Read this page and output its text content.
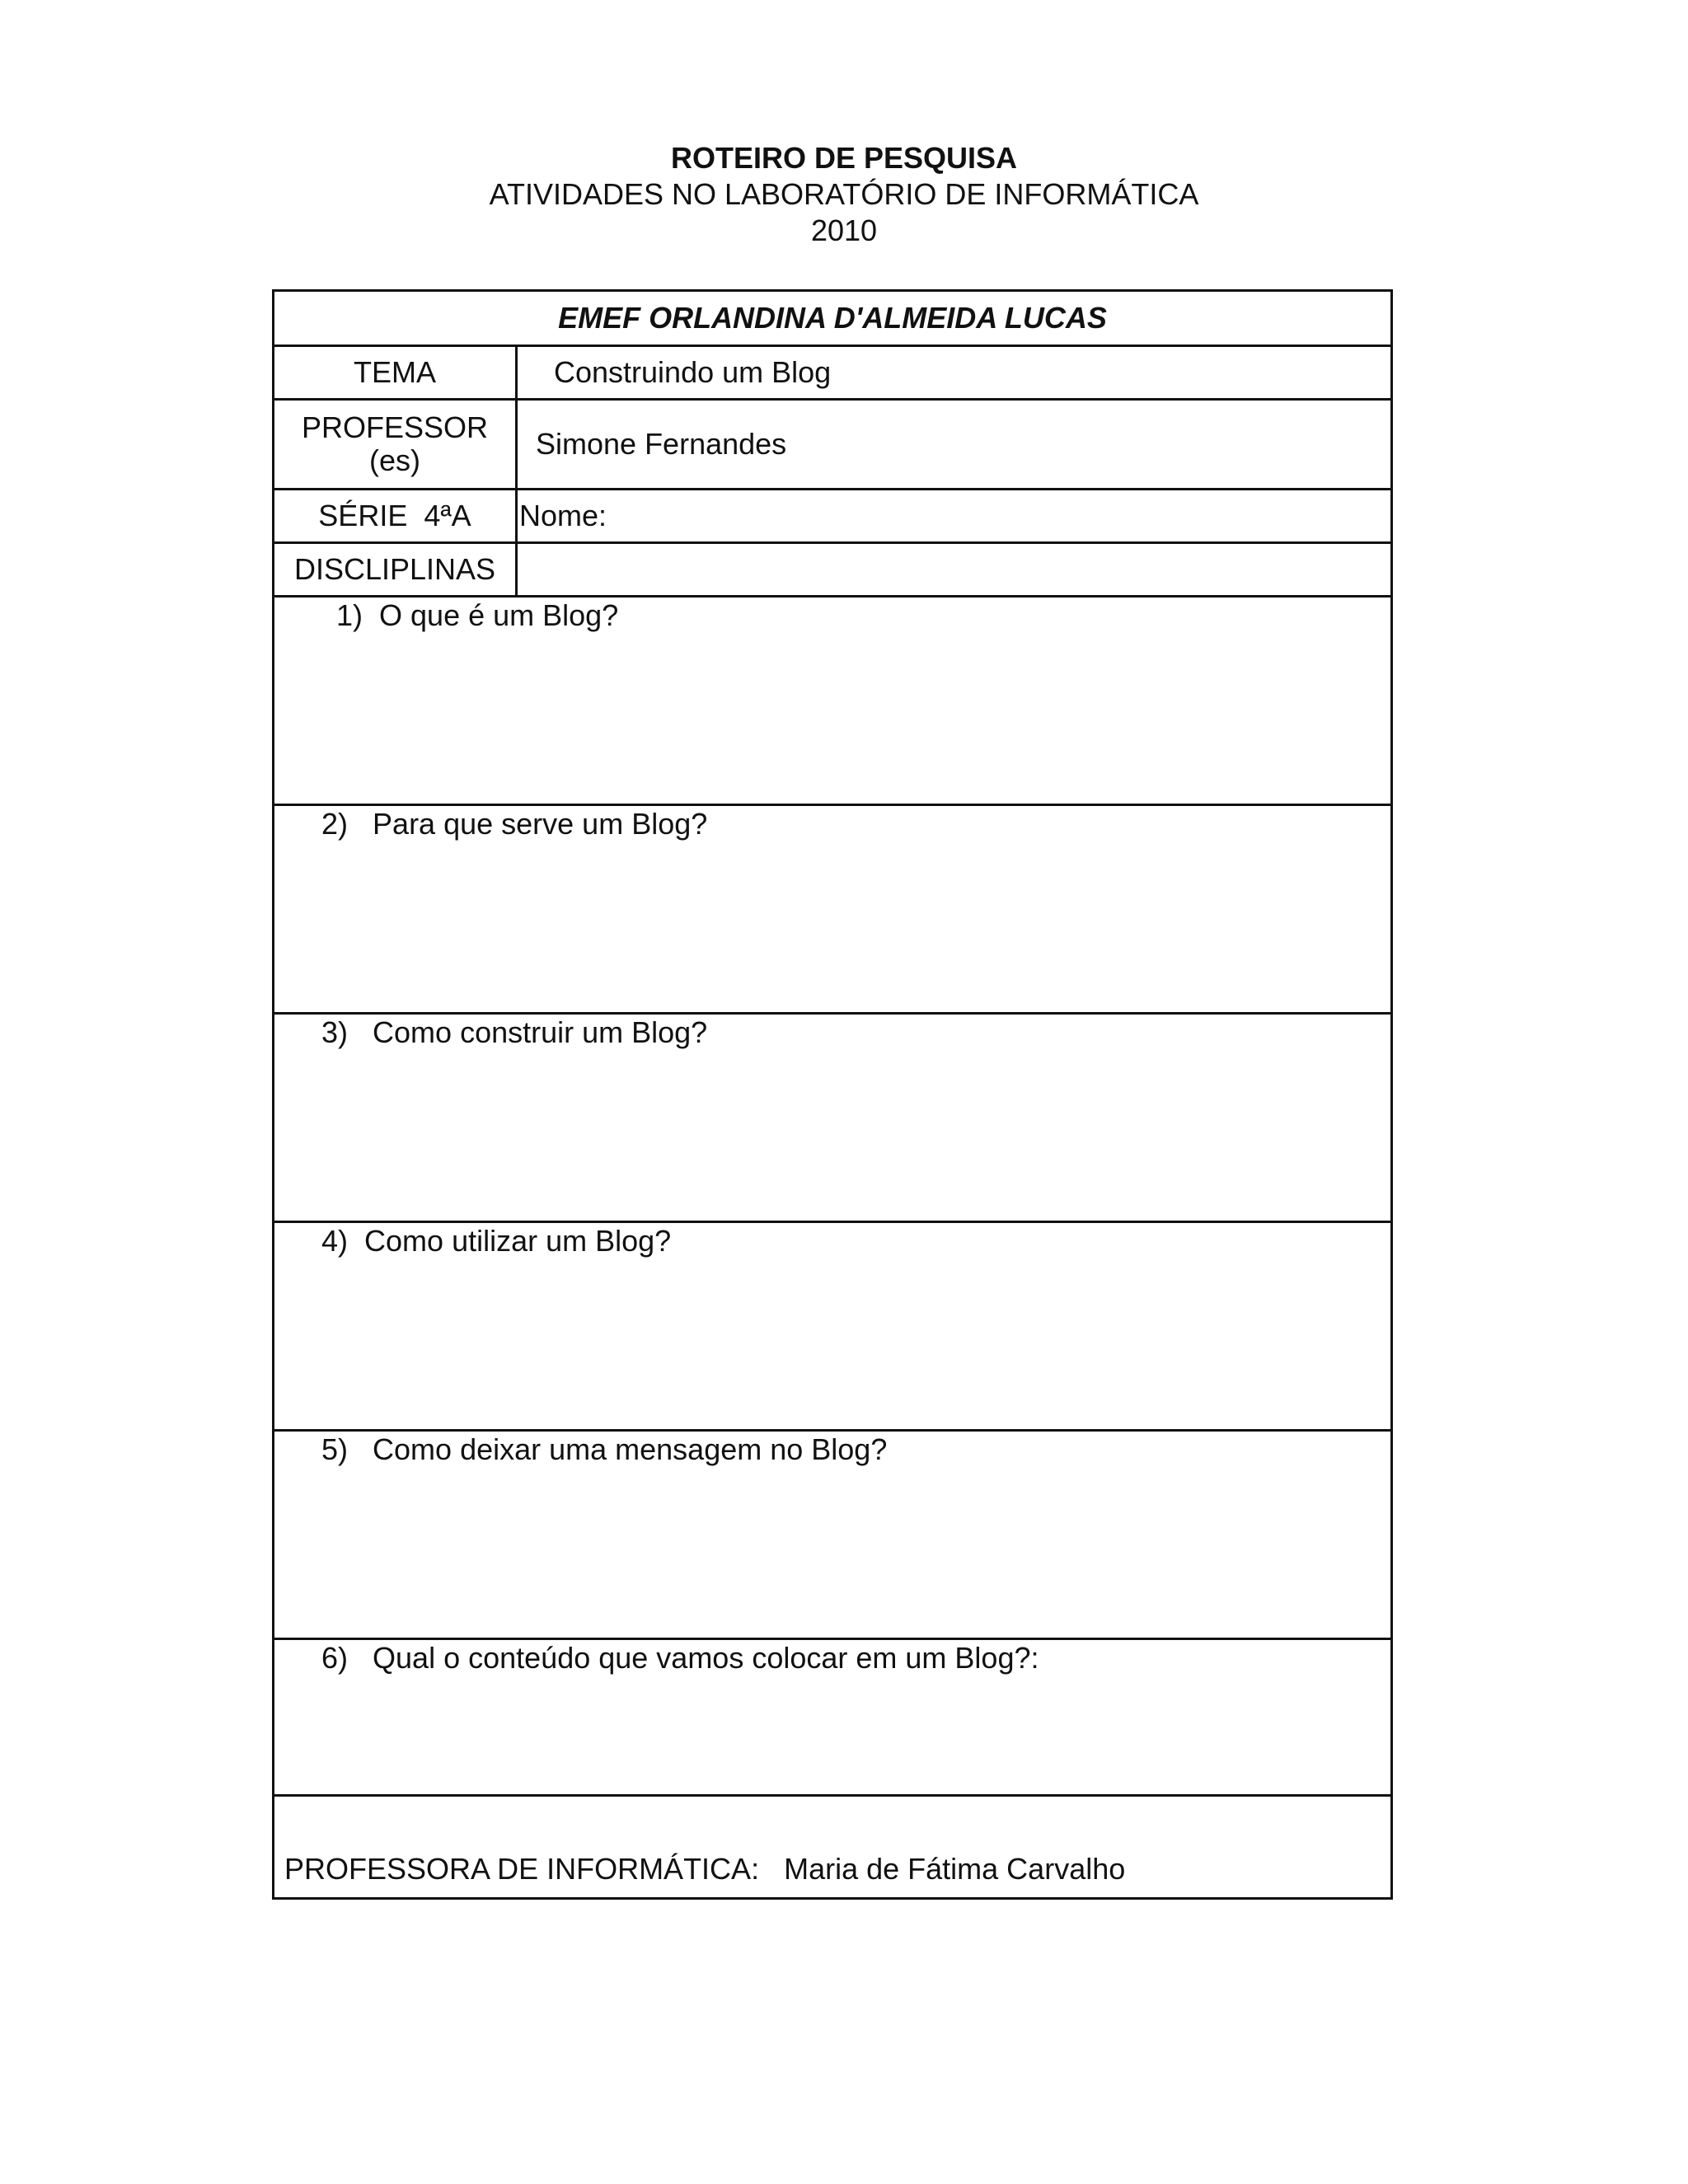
ROTEIRO DE PESQUISA
ATIVIDADES NO LABORATÓRIO DE INFORMÁTICA
2010
EMEF ORLANDINA D'ALMEIDA LUCAS
TEMA	Construindo um Blog
PROFESSOR (es)	Simone Fernandes
SÉRIE  4ªA	Nome:
DISCLIPLINAS
1) O que é um Blog?
2) Para que serve um Blog?
3) Como construir um Blog?
4) Como utilizar um Blog?
5) Como deixar uma mensagem no Blog?
6) Qual o conteúdo que vamos colocar em um Blog?:
PROFESSORA DE INFORMÁTICA: Maria de Fátima Carvalho
